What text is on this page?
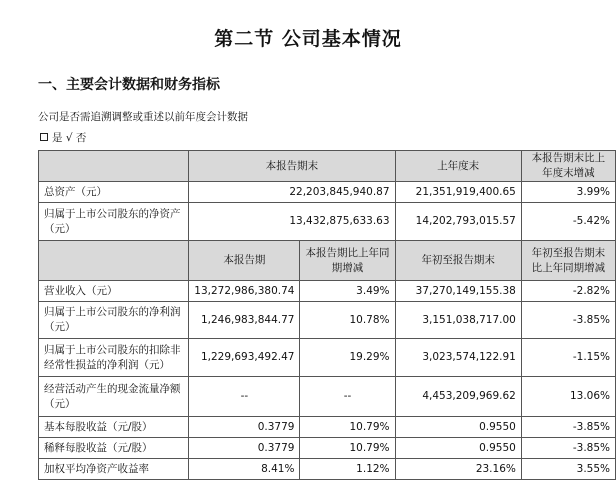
第二节 公司基本情况
一、主要会计数据和财务指标
公司是否需追溯调整或重述以前年度会计数据
是 √ 否
	本报告期末		上年度末	本报告期末比上年度末增减
总资产（元）	22,203,845,940.87		21,351,919,400.65	3.99%
归属于上市公司股东的净资产（元）	13,432,875,633.63		14,202,793,015.57	-5.42%
	本报告期	本报告期比上年同期增减	年初至报告期末	年初至报告期末比上年同期增减
营业收入（元）	13,272,986,380.74	3.49%	37,270,149,155.38	-2.82%
归属于上市公司股东的净利润（元）	1,246,983,844.77	10.78%	3,151,038,717.00	-3.85%
归属于上市公司股东的扣除非经常性损益的净利润（元）	1,229,693,492.47	19.29%	3,023,574,122.91	-1.15%
经营活动产生的现金流量净额（元）	--	--	4,453,209,969.62	13.06%
基本每股收益（元/股）	0.3779	10.79%	0.9550	-3.85%
稀释每股收益（元/股）	0.3779	10.79%	0.9550	-3.85%
加权平均净资产收益率	8.41%	1.12%	23.16%	3.55%
